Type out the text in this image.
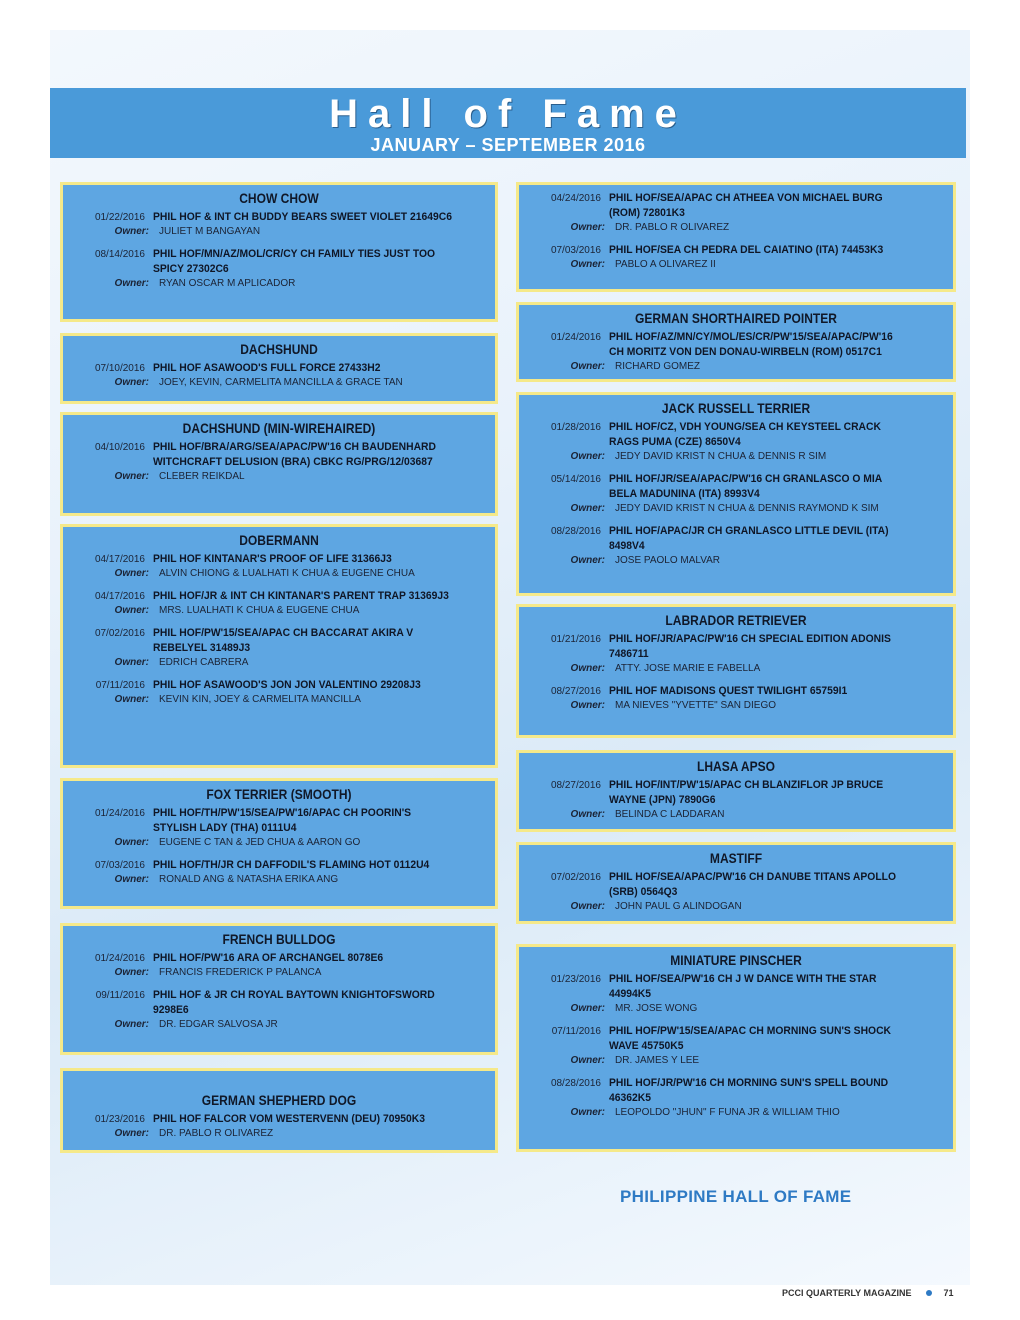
Hall of Fame
JANUARY – SEPTEMBER 2016
CHOW CHOW
01/22/2016 PHIL HOF & INT CH BUDDY BEARS SWEET VIOLET 21649C6
Owner:	JULIET M BANGAYAN
08/14/2016 PHIL HOF/MN/AZ/MOL/CR/CY CH FAMILY TIES JUST TOO
SPICY 27302C6
Owner:	RYAN OSCAR M APLICADOR
DACHSHUND
07/10/2016 PHIL HOF ASAWOOD'S FULL FORCE 27433H2
Owner:	JOEY, KEVIN, CARMELITA MANCILLA & GRACE TAN
DACHSHUND (MIN-WIREHAIRED)
04/10/2016 PHIL HOF/BRA/ARG/SEA/APAC/PW'16 CH BAUDENHARD
WITCHCRAFT DELUSION (BRA) CBKC RG/PRG/12/03687
Owner:	CLEBER REIKDAL
DOBERMANN
04/17/2016 PHIL HOF KINTANAR'S PROOF OF LIFE 31366J3
Owner:	ALVIN CHIONG & LUALHATI K CHUA & EUGENE CHUA
04/17/2016 PHIL HOF/JR & INT CH KINTANAR'S PARENT TRAP 31369J3
Owner:	MRS. LUALHATI K CHUA & EUGENE CHUA
07/02/2016 PHIL HOF/PW'15/SEA/APAC CH BACCARAT AKIRA V
REBELYEL 31489J3
Owner:	EDRICH CABRERA
07/11/2016 PHIL HOF ASAWOOD'S JON JON VALENTINO 29208J3
Owner:	KEVIN KIN, JOEY & CARMELITA MANCILLA
FOX TERRIER (SMOOTH)
01/24/2016 PHIL HOF/TH/PW'15/SEA/PW'16/APAC CH POORIN'S
STYLISH LADY (THA) 0111U4
Owner:	EUGENE C TAN & JED CHUA & AARON GO
07/03/2016 PHIL HOF/TH/JR CH DAFFODIL'S FLAMING HOT 0112U4
Owner:	RONALD ANG & NATASHA ERIKA ANG
FRENCH BULLDOG
01/24/2016 PHIL HOF/PW'16 ARA OF ARCHANGEL 8078E6
Owner:	FRANCIS FREDERICK P PALANCA
09/11/2016 PHIL HOF & JR CH ROYAL BAYTOWN KNIGHTOFSWORD
9298E6
Owner:	DR. EDGAR SALVOSA JR
GERMAN SHEPHERD DOG
01/23/2016 PHIL HOF FALCOR VOM WESTERVENN (DEU) 70950K3
Owner:	DR. PABLO R OLIVAREZ
04/24/2016 PHIL HOF/SEA/APAC CH ATHEEA VON MICHAEL BURG
(ROM) 72801K3
Owner:	DR. PABLO R OLIVAREZ
07/03/2016 PHIL HOF/SEA CH PEDRA DEL CAIATINO (ITA) 74453K3
Owner:	PABLO A OLIVAREZ II
GERMAN SHORTHAIRED POINTER
01/24/2016 PHIL HOF/AZ/MN/CY/MOL/ES/CR/PW'15/SEA/APAC/PW'16
CH MORITZ VON DEN DONAU-WIRBELN (ROM) 0517C1
Owner:	RICHARD GOMEZ
JACK RUSSELL TERRIER
01/28/2016 PHIL HOF/CZ, VDH YOUNG/SEA CH KEYSTEEL CRACK
RAGS PUMA (CZE) 8650V4
Owner:	JEDY DAVID KRIST N CHUA & DENNIS R SIM
05/14/2016 PHIL HOF/JR/SEA/APAC/PW'16 CH GRANLASCO O MIA
BELA MADUNINA (ITA) 8993V4
Owner:	JEDY DAVID KRIST N CHUA & DENNIS RAYMOND K SIM
08/28/2016 PHIL HOF/APAC/JR CH GRANLASCO LITTLE DEVIL (ITA)
8498V4
Owner:	JOSE PAOLO MALVAR
LABRADOR RETRIEVER
01/21/2016 PHIL HOF/JR/APAC/PW'16 CH SPECIAL EDITION ADONIS
7486711
Owner:	ATTY. JOSE MARIE E FABELLA
08/27/2016 PHIL HOF MADISONS QUEST TWILIGHT 65759I1
Owner:	MA NIEVES "YVETTE" SAN DIEGO
LHASA APSO
08/27/2016 PHIL HOF/INT/PW'15/APAC CH BLANZIFLOR JP BRUCE
WAYNE (JPN) 7890G6
Owner:	BELINDA C LADDARAN
MASTIFF
07/02/2016 PHIL HOF/SEA/APAC/PW'16 CH DANUBE TITANS APOLLO
(SRB) 0564Q3
Owner:	JOHN PAUL G ALINDOGAN
MINIATURE PINSCHER
01/23/2016 PHIL HOF/SEA/PW'16 CH J W DANCE WITH THE STAR
44994K5
Owner:	MR. JOSE WONG
07/11/2016 PHIL HOF/PW'15/SEA/APAC CH MORNING SUN'S SHOCK
WAVE 45750K5
Owner:	DR. JAMES Y LEE
08/28/2016 PHIL HOF/JR/PW'16 CH MORNING SUN'S SPELL BOUND
46362K5
Owner:	LEOPOLDO "JHUN" F FUNA JR & WILLIAM THIO
PHILIPPINE HALL OF FAME
PCCI QUARTERLY MAGAZINE	71
